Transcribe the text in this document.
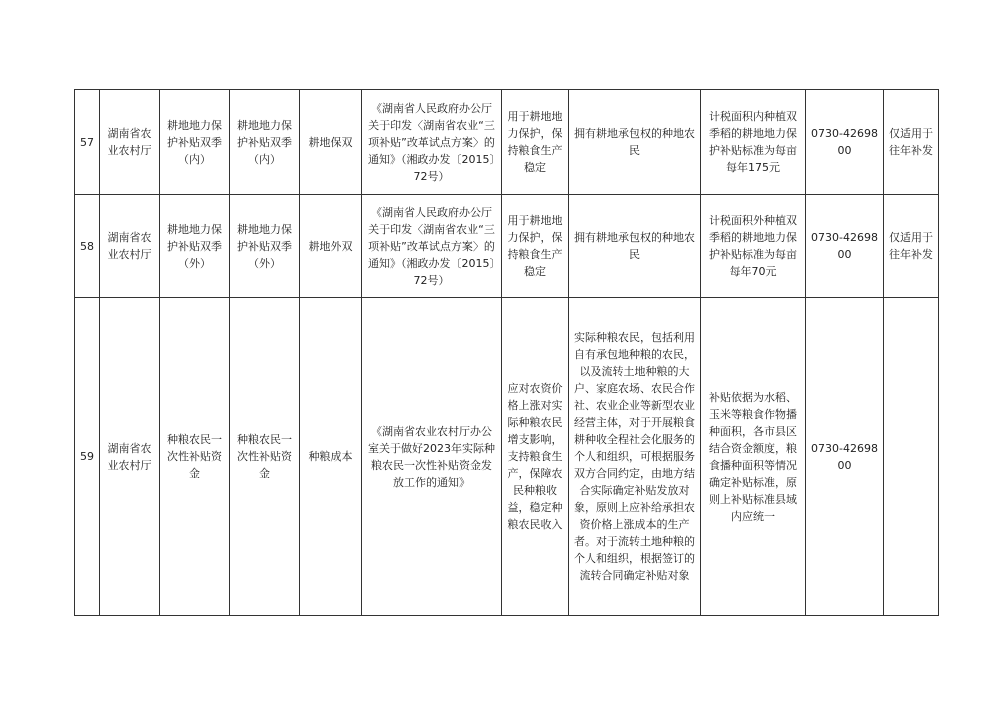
57	湖南省农业农村厅	耕地地力保护补贴双季（内）	耕地地力保护补贴双季（内）	耕地保双	《湖南省人民政府办公厅关于印发〈湖南省农业“三项补贴”改革试点方案〉的通知》（湘政办发〔2015〕72号）	用于耕地地力保护，保持粮食生产稳定	拥有耕地承包权的种地农民	计税面积内种植双季稻的耕地地力保护补贴标准为每亩每年175元	0730-4269800	仅适用于往年补发
58	湖南省农业农村厅	耕地地力保护补贴双季（外）	耕地地力保护补贴双季（外）	耕地外双	《湖南省人民政府办公厅关于印发〈湖南省农业“三项补贴”改革试点方案〉的通知》（湘政办发〔2015〕72号）	用于耕地地力保护，保持粮食生产稳定	拥有耕地承包权的种地农民	计税面积外种植双季稻的耕地地力保护补贴标准为每亩每年70元	0730-4269800	仅适用于往年补发
59	湖南省农业农村厅	种粮农民一次性补贴资金	种粮农民一次性补贴资金	种粮成本	《湖南省农业农村厅办公室关于做好2023年实际种粮农民一次性补贴资金发放工作的通知》	应对农资价格上涨对实际种粮农民增支影响，支持粮食生产，保障农民种粮收益，稳定种粮农民收入	实际种粮农民，包括利用自有承包地种粮的农民，以及流转土地种粮的大户、家庭农场、农民合作社、农业企业等新型农业经营主体，对于开展粮食耕种收全程社会化服务的个人和组织，可根据服务双方合同约定，由地方结合实际确定补贴发放对象，原则上应补给承担农资价格上涨成本的生产者。对于流转土地种粮的个人和组织，根据签订的流转合同确定补贴对象	补贴依据为水稻、玉米等粮食作物播种面积，各市县区结合资金额度，粮食播种面积等情况确定补贴标准，原则上补贴标准县域内应统一	0730-4269800	
